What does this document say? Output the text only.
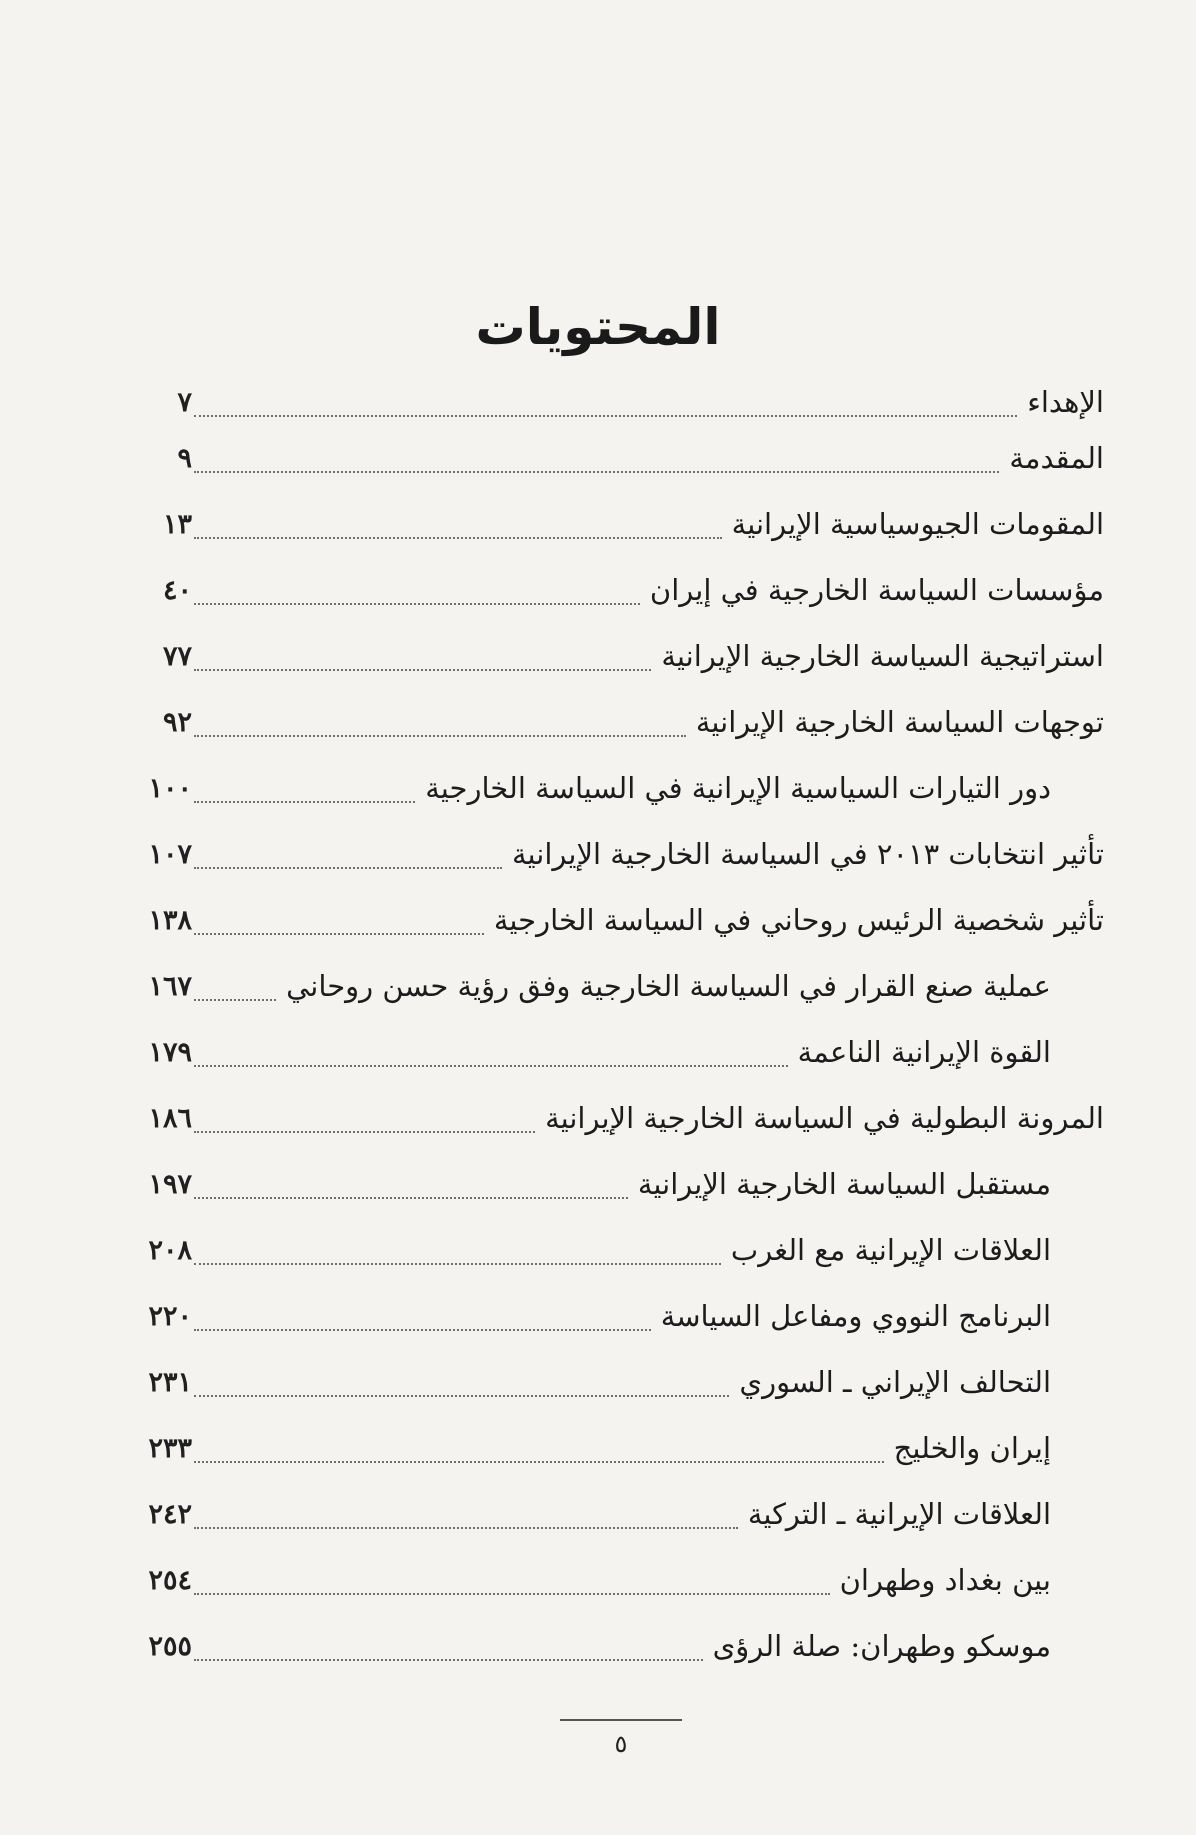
المحتويات
٧	الإهداء
٩	المقدمة
١٣	المقومات الجيوسياسية الإيرانية
٤٠	مؤسسات السياسة الخارجية في إيران
٧٧	استراتيجية السياسة الخارجية الإيرانية
٩٢	توجهات السياسة الخارجية الإيرانية
١٠٠	دور التيارات السياسية الإيرانية في السياسة الخارجية
١٠٧	تأثير انتخابات ٢٠١٣ في السياسة الخارجية الإيرانية
١٣٨	تأثير شخصية الرئيس روحاني في السياسة الخارجية
١٦٧	عملية صنع القرار في السياسة الخارجية وفق رؤية حسن روحاني
١٧٩	القوة الإيرانية الناعمة
١٨٦	المرونة البطولية في السياسة الخارجية الإيرانية
١٩٧	مستقبل السياسة الخارجية الإيرانية
٢٠٨	العلاقات الإيرانية مع الغرب
٢٢٠	البرنامج النووي ومفاعل السياسة
٢٣١	التحالف الإيراني ـ السوري
٢٣٣	إيران والخليج
٢٤٢	العلاقات الإيرانية ـ التركية
٢٥٤	بين بغداد وطهران
٢٥٥	موسكو وطهران: صلة الرؤى
٥
